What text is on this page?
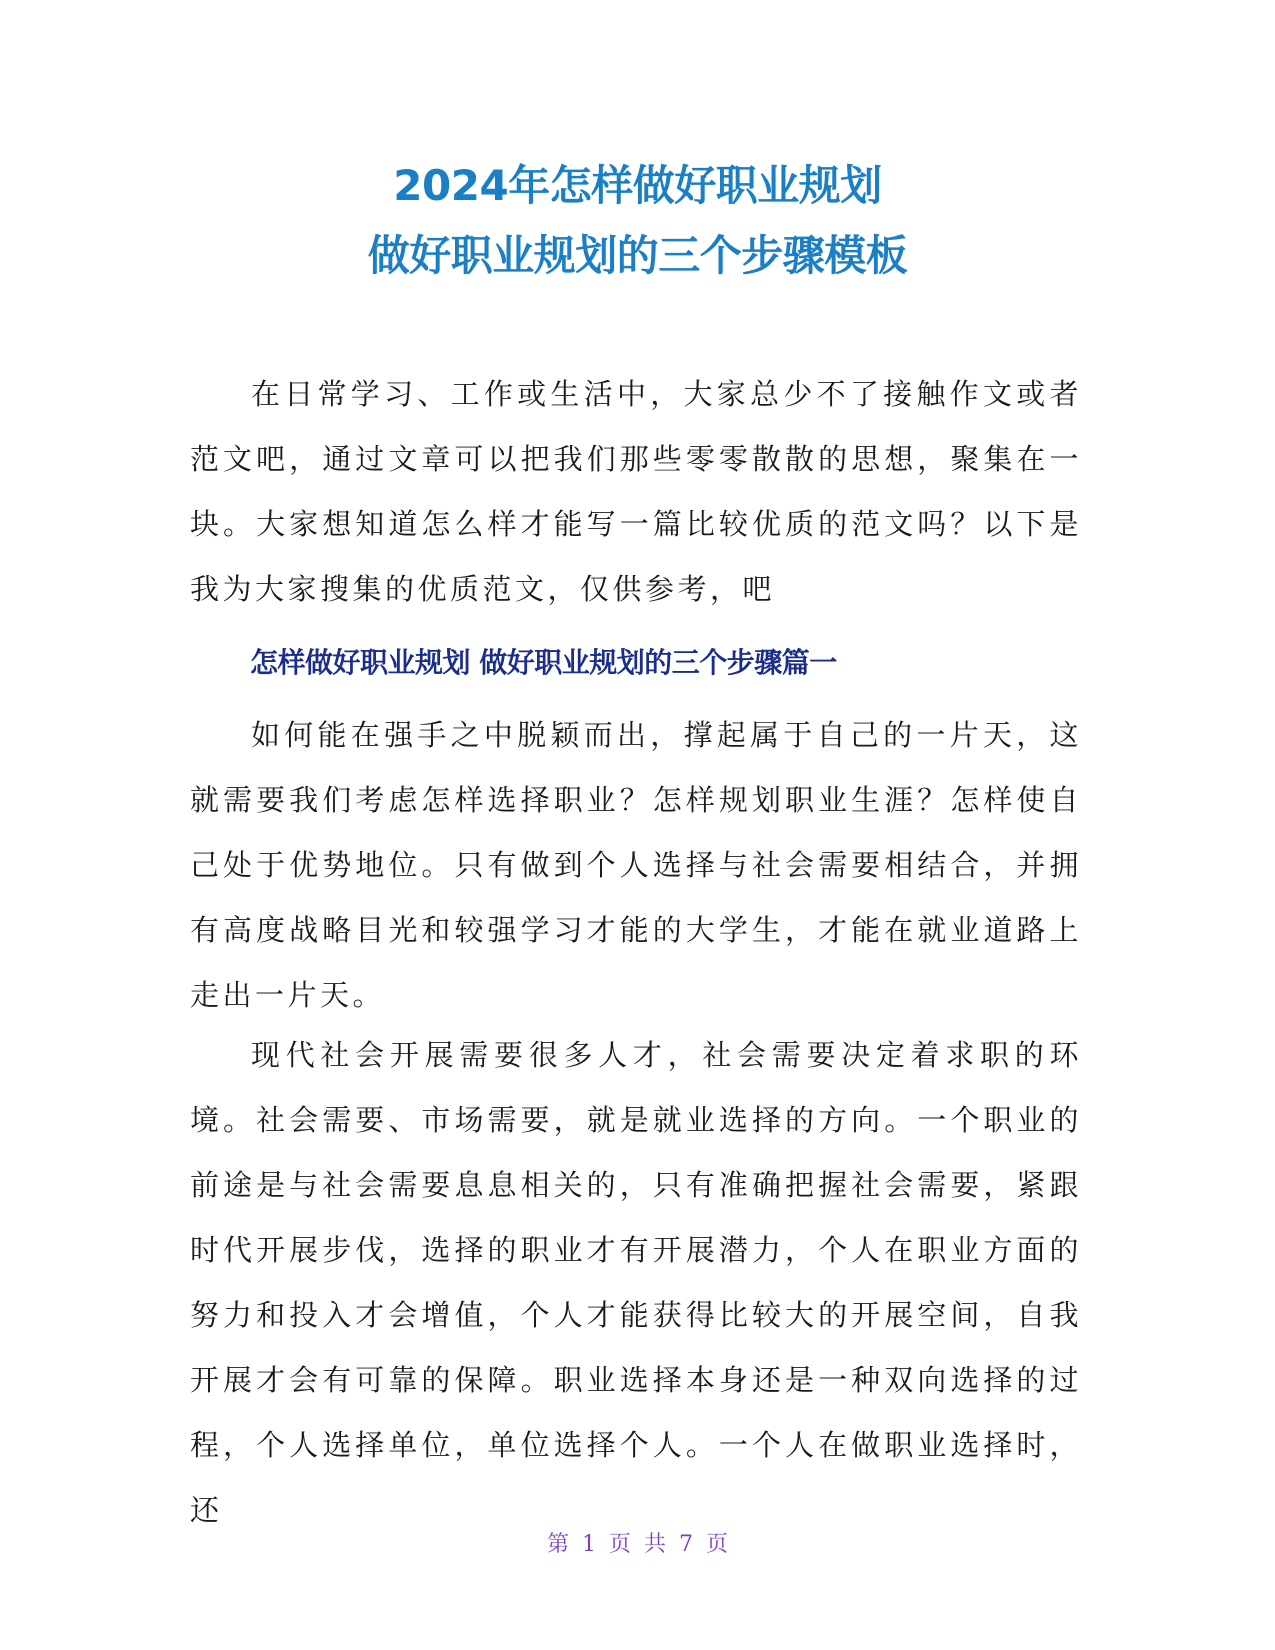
2024年怎样做好职业规划
做好职业规划的三个步骤模板

在日常学习、工作或生活中，大家总少不了接触作文或者范文吧，通过文章可以把我们那些零零散散的思想，聚集在一块。大家想知道怎么样才能写一篇比较优质的范文吗？以下是我为大家搜集的优质范文，仅供参考，吧

怎样做好职业规划 做好职业规划的三个步骤篇一

如何能在强手之中脱颖而出，撑起属于自己的一片天，这就需要我们考虑怎样选择职业？怎样规划职业生涯？怎样使自己处于优势地位。只有做到个人选择与社会需要相结合，并拥有高度战略目光和较强学习才能的大学生，才能在就业道路上走出一片天。

现代社会开展需要很多人才，社会需要决定着求职的环境。社会需要、市场需要，就是就业选择的方向。一个职业的前途是与社会需要息息相关的，只有准确把握社会需要，紧跟时代开展步伐，选择的职业才有开展潜力，个人在职业方面的努力和投入才会增值，个人才能获得比较大的开展空间，自我开展才会有可靠的保障。职业选择本身还是一种双向选择的过程，个人选择单位，单位选择个人。一个人在做职业选择时，还

第 1 页 共 7 页
